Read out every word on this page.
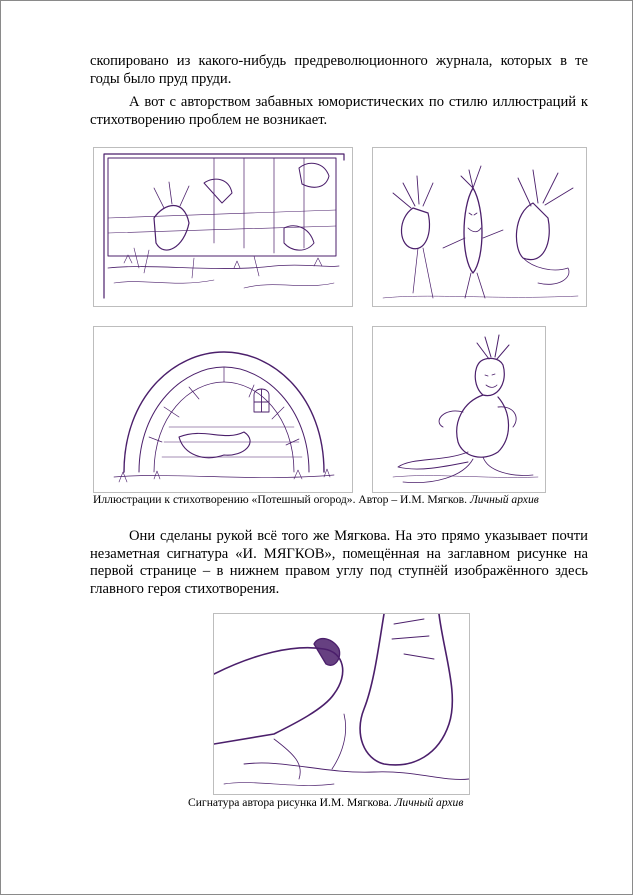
скопировано из какого-нибудь предреволюционного журнала, которых в те годы было пруд пруди.

А вот с авторством забавных юмористических по стилю иллюстраций к стихотворению проблем не возникает.

Иллюстрации к стихотворению «Потешный огород». Автор – И.М. Мягков. Личный архив

Они сделаны рукой всё того же Мягкова. На это прямо указывает почти незаметная сигнатура «И. МЯГКОВ», помещённая на заглавном рисунке на первой странице – в нижнем правом углу под ступнёй изображённого здесь главного героя стихотворения.

Сигнатура автора рисунка И.М. Мягкова. Личный архив
